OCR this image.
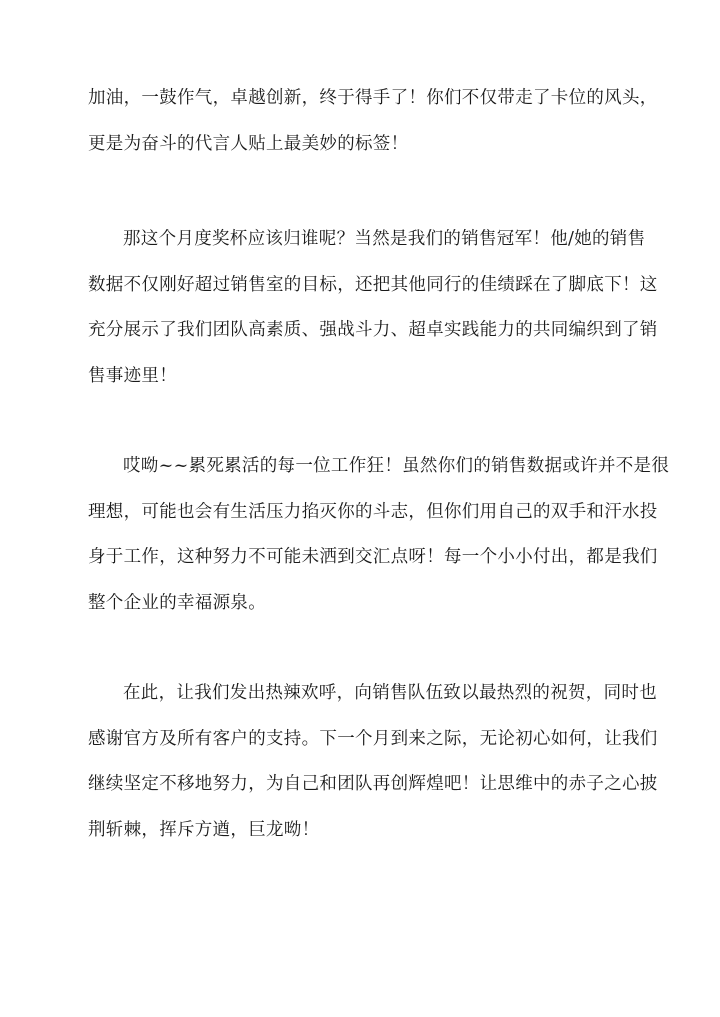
加油，一鼓作气，卓越创新，终于得手了！你们不仅带走了卡位的风头，
更是为奋斗的代言人贴上最美妙的标签！

那这个月度奖杯应该归谁呢？当然是我们的销售冠军！他/她的销售
数据不仅刚好超过销售室的目标，还把其他同行的佳绩踩在了脚底下！这
充分展示了我们团队高素质、强战斗力、超卓实践能力的共同编织到了销
售事迹里！

哎呦~~累死累活的每一位工作狂！虽然你们的销售数据或许并不是很
理想，可能也会有生活压力掐灭你的斗志，但你们用自己的双手和汗水投
身于工作，这种努力不可能未洒到交汇点呀！每一个小小付出，都是我们
整个企业的幸福源泉。

在此，让我们发出热辣欢呼，向销售队伍致以最热烈的祝贺，同时也
感谢官方及所有客户的支持。下一个月到来之际，无论初心如何，让我们
继续坚定不移地努力，为自己和团队再创辉煌吧！让思维中的赤子之心披
荆斩棘，挥斥方遒，巨龙呦！
